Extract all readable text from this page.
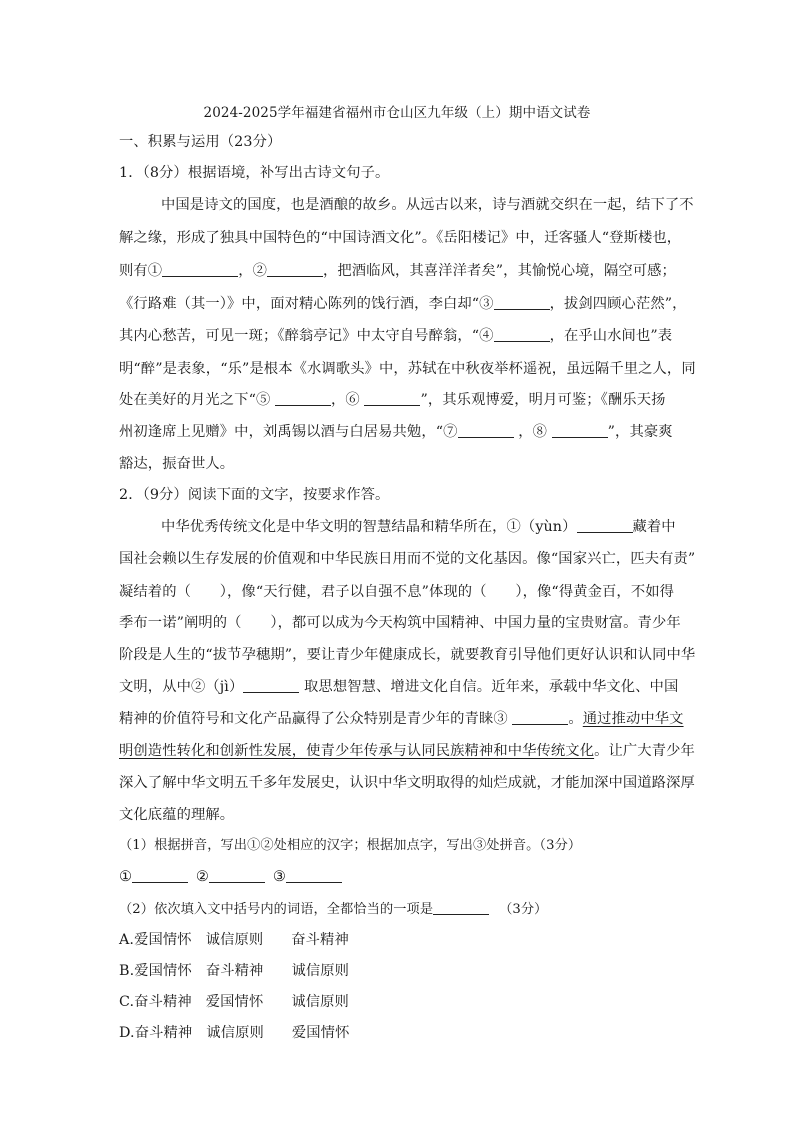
2024-2025学年福建省福州市仓山区九年级（上）期中语文试卷
一、积累与运用（23分）
1．（8分）根据语境，补写出古诗文句子。
中国是诗文的国度，也是酒酿的故乡。从远古以来，诗与酒就交织在一起，结下了不
解之缘，形成了独具中国特色的“中国诗酒文化”。《岳阳楼记》中，迁客骚人“登斯楼也，
则有①	，②	，把酒临风，其喜洋洋者矣”，其愉悦心境，隔空可感；
《行路难（其一）》中，面对精心陈列的饯行酒，李白却“③	，拔剑四顾心茫然”，
其内心愁苦，可见一斑；《醉翁亭记》中太守自号醉翁，“④	，在乎山水间也”表
明“醉”是表象，“乐”是根本《水调歌头》中，苏轼在中秋夜举杯遥祝，虽远隔千里之人，同
处在美好的月光之下“⑤	，⑥	”，其乐观博爱，明月可鉴；《酬乐天扬
州初逢席上见赠》中，刘禹锡以酒与白居易共勉，“⑦	，⑧	”，其豪爽
豁达，振奋世人。
2．（9分）阅读下面的文字，按要求作答。
中华优秀传统文化是中华文明的智慧结晶和精华所在，①（yùn）	藏着中
国社会赖以生存发展的价值观和中华民族日用而不觉的文化基因。像“国家兴亡，匹夫有责”
凝结着的（　　），像“天行健，君子以自强不息”体现的（　　），像“得黄金百，不如得
季布一诺”阐明的（　　），都可以成为今天构筑中国精神、中国力量的宝贵财富。青少年
阶段是人生的“拔节孕穗期”，要让青少年健康成长，就要教育引导他们更好认识和认同中华
文明，从中②（jì）	取思想智慧、增进文化自信。近年来，承载中华文化、中国
精神的价值符号和文化产品赢得了公众特别是青少年的青睐③	。通过推动中华文
明创造性转化和创新性发展，使青少年传承与认同民族精神和中华传统文化。让广大青少年
深入了解中华文明五千多年发展史，认识中华文明取得的灿烂成就，才能加深中国道路深厚
文化底蕴的理解。
（1）根据拼音，写出①②处相应的汉字；根据加点字，写出③处拼音。（3分）
①	②	③
（2）依次填入文中括号内的词语，全都恰当的一项是	（3分）
A.爱国情怀 诚信原则 奋斗精神
B.爱国情怀 奋斗精神 诚信原则
C.奋斗精神 爱国情怀 诚信原则
D.奋斗精神 诚信原则 爱国情怀
